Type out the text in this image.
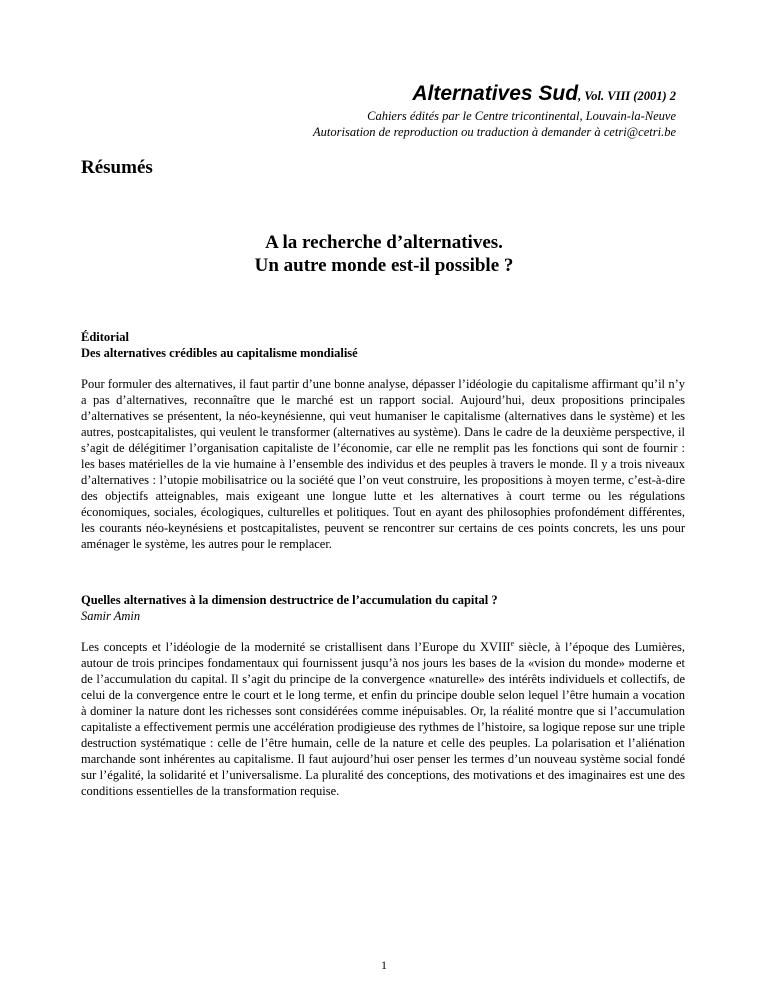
Alternatives Sud, Vol. VIII (2001) 2
Cahiers édités par le Centre tricontinental, Louvain-la-Neuve
Autorisation de reproduction ou traduction à demander à cetri@cetri.be
Résumés
A la recherche d’alternatives.
Un autre monde est-il possible ?
Éditorial
Des alternatives crédibles au capitalisme mondialisé

Pour formuler des alternatives, il faut partir d’une bonne analyse, dépasser l’idéologie du capitalisme affirmant qu’il n’y a pas d’alternatives, reconnaître que le marché est un rapport social. Aujourd’hui, deux propositions principales d’alternatives se présentent, la néo-keynésienne, qui veut humaniser le capitalisme (alternatives dans le système) et les autres, postcapitalistes, qui veulent le transformer (alternatives au système). Dans le cadre de la deuxième perspective, il s’agit de délégitimer l’organisation capitaliste de l’économie, car elle ne remplit pas les fonctions qui sont de fournir : les bases matérielles de la vie humaine à l’ensemble des individus et des peuples à travers le monde. Il y a trois niveaux d’alternatives : l’utopie mobilisatrice ou la société que l’on veut construire, les propositions à moyen terme, c’est-à-dire des objectifs atteignables, mais exigeant une longue lutte et les alternatives à court terme ou les régulations économiques, sociales, écologiques, culturelles et politiques. Tout en ayant des philosophies profondément différentes, les courants néo-keynésiens et postcapitalistes, peuvent se rencontrer sur certains de ces points concrets, les uns pour aménager le système, les autres pour le remplacer.

Quelles alternatives à la dimension destructrice de l’accumulation du capital ?
Samir Amin

Les concepts et l’idéologie de la modernité se cristallisent dans l’Europe du XVIIIe siècle, à l’époque des Lumières, autour de trois principes fondamentaux qui fournissent jusqu’à nos jours les bases de la «vision du monde» moderne et de l’accumulation du capital. Il s’agit du principe de la convergence «naturelle» des intérêts individuels et collectifs, de celui de la convergence entre le court et le long terme, et enfin du principe double selon lequel l’être humain a vocation à dominer la nature dont les richesses sont considérées comme inépuisables. Or, la réalité montre que si l’accumulation capitaliste a effectivement permis une accélération prodigieuse des rythmes de l’histoire, sa logique repose sur une triple destruction systématique : celle de l’être humain, celle de la nature et celle des peuples. La polarisation et l’aliénation marchande sont inhérentes au capitalisme. Il faut aujourd’hui oser penser les termes d’un nouveau système social fondé sur l’égalité, la solidarité et l’universalisme. La pluralité des conceptions, des motivations et des imaginaires est une des conditions essentielles de la transformation requise.

1
